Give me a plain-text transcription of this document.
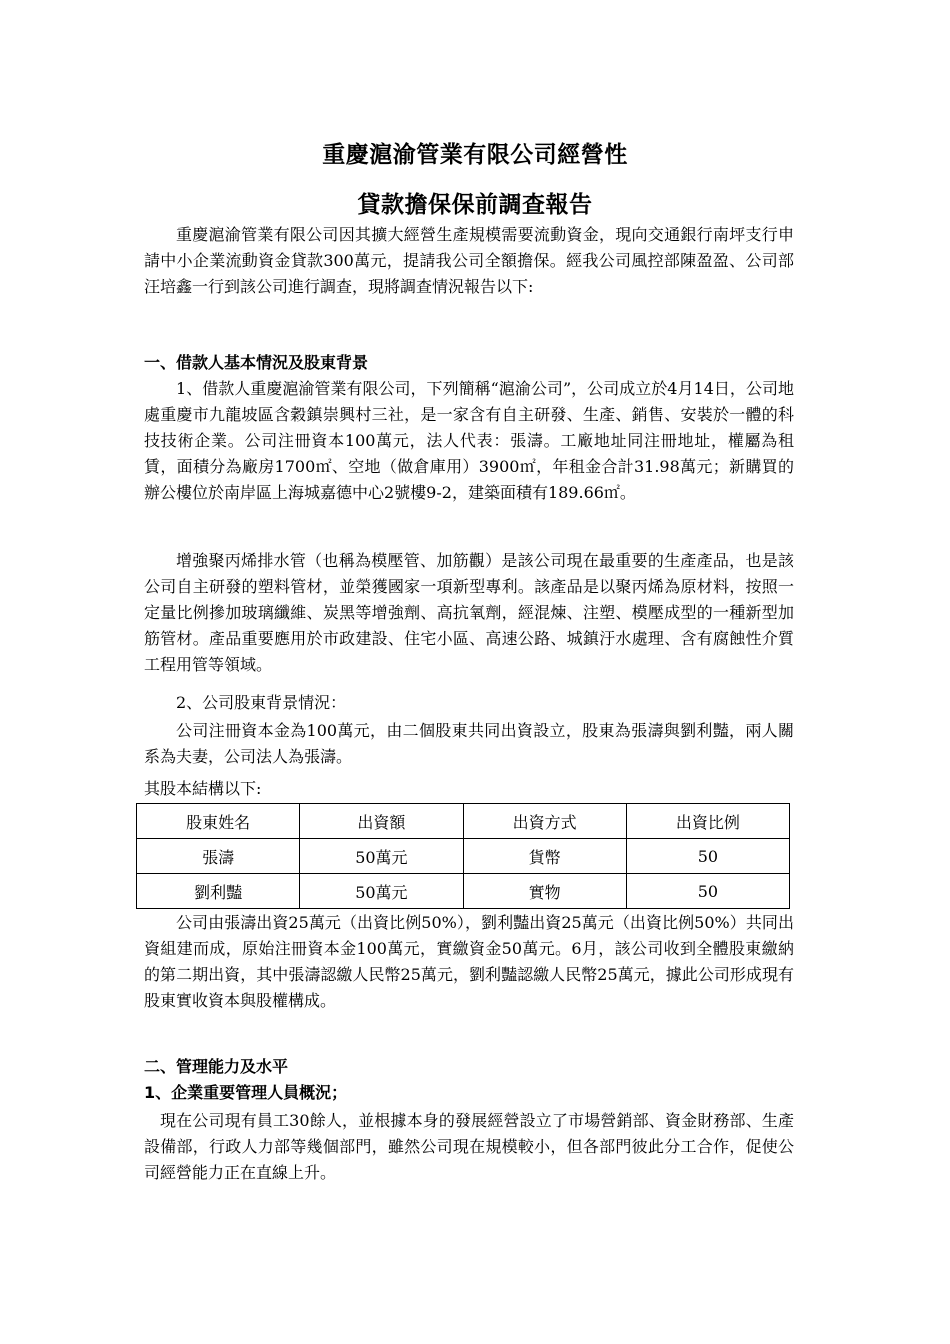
重慶滬渝管業有限公司經營性
貸款擔保保前調查報告
重慶滬渝管業有限公司因其擴大經營生產規模需要流動資金，現向交通銀行南坪支行申請中小企業流動資金貸款300萬元，提請我公司全額擔保。經我公司風控部陳盈盈、公司部汪培鑫一行到該公司進行調查，現將調查情況報告以下:
一、借款人基本情況及股東背景
1、借款人重慶滬渝管業有限公司，下列簡稱“滬渝公司”，公司成立於4月14日，公司地處重慶市九龍坡區含穀鎮崇興村三社，是一家含有自主研發、生產、銷售、安裝於一體的科技技術企業。公司注冊資本100萬元，法人代表：張濤。工廠地址同注冊地址，權屬為租賃，面積分為廠房1700㎡、空地（做倉庫用）3900㎡，年租金合計31.98萬元；新購買的辦公樓位於南岸區上海城嘉德中心2號樓9-2，建築面積有189.66㎡。
增強聚丙烯排水管（也稱為模壓管、加筋觀）是該公司現在最重要的生產產品，也是該公司自主研發的塑料管材，並榮獲國家一項新型專利。該產品是以聚丙烯為原材料，按照一定量比例摻加玻璃纖維、炭黑等增強劑、高抗氧劑，經混煉、注塑、模壓成型的一種新型加筋管材。產品重要應用於市政建設、住宅小區、高速公路、城鎮汙水處理、含有腐蝕性介質工程用管等領域。
2、公司股東背景情況：
公司注冊資本金為100萬元，由二個股東共同出資設立，股東為張濤與劉利豔，兩人關系為夫妻，公司法人為張濤。
其股本結構以下:
股東姓名	出資額	出資方式	出資比例
張濤	50萬元	貨幣	50
劉利豔	50萬元	實物	50
公司由張濤出資25萬元（出資比例50%），劉利豔出資25萬元（出資比例50%）共同出資組建而成，原始注冊資本金100萬元，實繳資金50萬元。6月，該公司收到全體股東繳納的第二期出資，其中張濤認繳人民幣25萬元，劉利豔認繳人民幣25萬元，據此公司形成現有股東實收資本與股權構成。
二、管理能力及水平
1、企業重要管理人員概況；
現在公司現有員工30餘人，並根據本身的發展經營設立了市場營銷部、資金財務部、生產設備部，行政人力部等幾個部門，雖然公司現在規模較小，但各部門彼此分工合作，促使公司經營能力正在直線上升。
